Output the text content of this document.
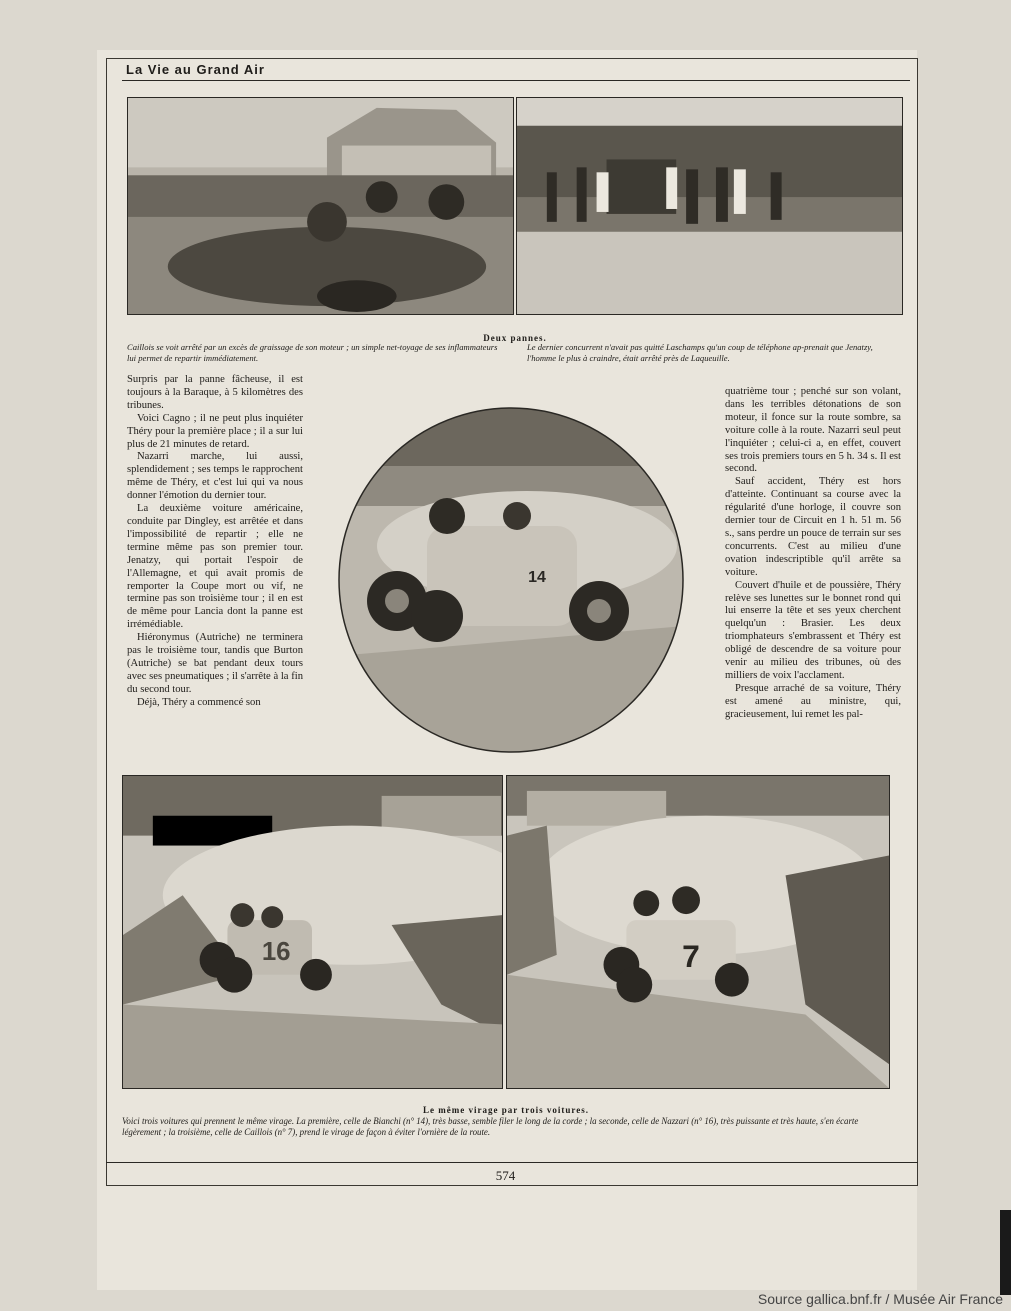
La Vie au Grand Air
Deux pannes.
Caillois se voit arrêté par un excès de graissage de son moteur ; un simple net-toyage de ses inflammateurs lui permet de repartir immédiatement.
Le dernier concurrent n'avait pas quitté Laschamps qu'un coup de téléphone ap-prenait que Jenatzy, l'homme le plus à craindre, était arrêté près de Laqueuille.

Surpris par la panne fâcheuse, il est toujours à la Baraque, à 5 kilomètres des tribunes.

Voici Cagno ; il ne peut plus inquiéter Théry pour la première place ; il a sur lui plus de 21 minutes de retard.

Nazarri marche, lui aussi, splendidement ; ses temps le rapprochent même de Théry, et c'est lui qui va nous donner l'émotion du dernier tour.

La deuxième voiture américaine, conduite par Dingley, est arrêtée et dans l'impossibilité de repartir ; elle ne termine même pas son premier tour. Jenatzy, qui portait l'espoir de l'Allemagne, et qui avait promis de remporter la Coupe mort ou vif, ne termine pas son troisième tour ; il en est de même pour Lancia dont la panne est irrémédiable.

Hiéronymus (Autriche) ne terminera pas le troisième tour, tandis que Burton (Autriche) se bat pendant deux tours avec ses pneumatiques ; il s'arrête à la fin du second tour.

Déjà, Théry a commencé son

14

quatrième tour ; penché sur son volant, dans les terribles détonations de son moteur, il fonce sur la route sombre, sa voiture colle à la route. Nazarri seul peut l'inquiéter ; celui-ci a, en effet, couvert ses trois premiers tours en 5 h. 34 s. Il est second.

Sauf accident, Théry est hors d'atteinte. Continuant sa course avec la régularité d'une horloge, il couvre son dernier tour de Circuit en 1 h. 51 m. 56 s., sans perdre un pouce de terrain sur ses concurrents. C'est au milieu d'une ovation indescriptible qu'il arrête sa voiture.

Couvert d'huile et de poussière, Théry relève ses lunettes sur le bonnet rond qui lui enserre la tête et ses yeux cherchent quelqu'un : Brasier. Les deux triomphateurs s'embrassent et Théry est obligé de descendre de sa voiture pour venir au milieu des tribunes, où des milliers de voix l'acclament.

Presque arraché de sa voiture, Théry est amené au ministre, qui, gracieusement, lui remet les pal-

16	7
Le même virage par trois voitures.
Voici trois voitures qui prennent le même virage. La première, celle de Bianchi (n° 14), très basse, semble filer le long de la corde ; la seconde, celle de Nazzari (n° 16), très puissante et très haute, s'en écarte légèrement ; la troisième, celle de Caillois (n° 7), prend le virage de façon à éviter l'ornière de la route.
574
Source gallica.bnf.fr / Musée Air France
